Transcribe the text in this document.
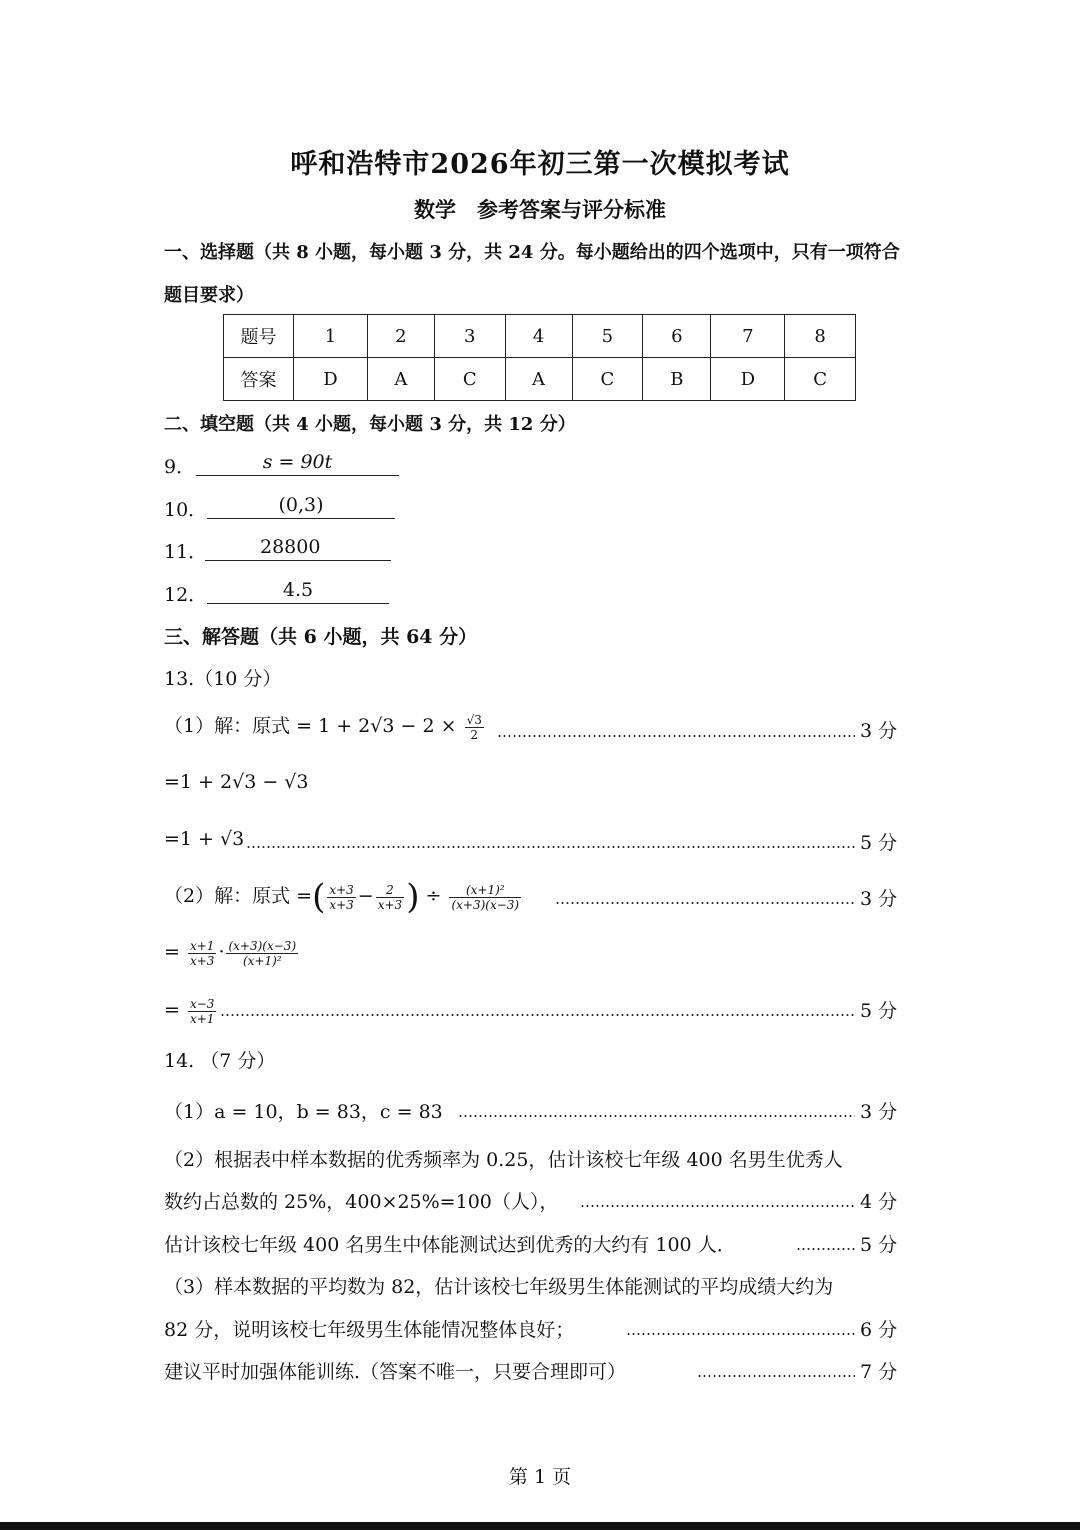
呼和浩特市2026年初三第一次模拟考试
数学　参考答案与评分标准
一、选择题（共 8 小题，每小题 3 分，共 24 分。每小题给出的四个选项中，只有一项符合
题目要求）
题号	1	2	3	4	5	6	7	8
答案	D	A	C	A	C	B	D	C
二、填空题（共 4 小题，每小题 3 分，共 12 分）
9．	s = 90t
10．	(0,3)
11．	28800
12．	4.5
三、解答题（共 6 小题，共 64 分）
13.（10 分）
（1）解：原式 = $1 + 2√3 - 2 \times \frac{√3}{2}$	3 分
=1 + 2√3 − √3
=1 + √3	5 分
（2）解：原式 =( $\frac{x+3}{x+3} - \frac{2}{x+3}$ ) ÷ $\frac{\text{(x+1)²}}{(x+3)(x-3)}$	3 分
= $\frac{x+1}{x+3} \cdot \frac{(x+3)(x-3)}{\text{(x+1)²}}$
= $\frac{x-3}{x+1}$	5 分
14. （7 分）
（1）a = 10，b = 83，c = 83	3 分
（2）根据表中样本数据的优秀频率为 0.25，估计该校七年级 400 名男生优秀人
数约占总数的 25%，400×25%=100（人），	4 分
估计该校七年级 400 名男生中体能测试达到优秀的大约有 100 人．	5 分
（3）样本数据的平均数为 82，估计该校七年级男生体能测试的平均成绩大约为
82 分，说明该校七年级男生体能情况整体良好；	6 分
建议平时加强体能训练.（答案不唯一，只要合理即可）	7 分
第 1 页
